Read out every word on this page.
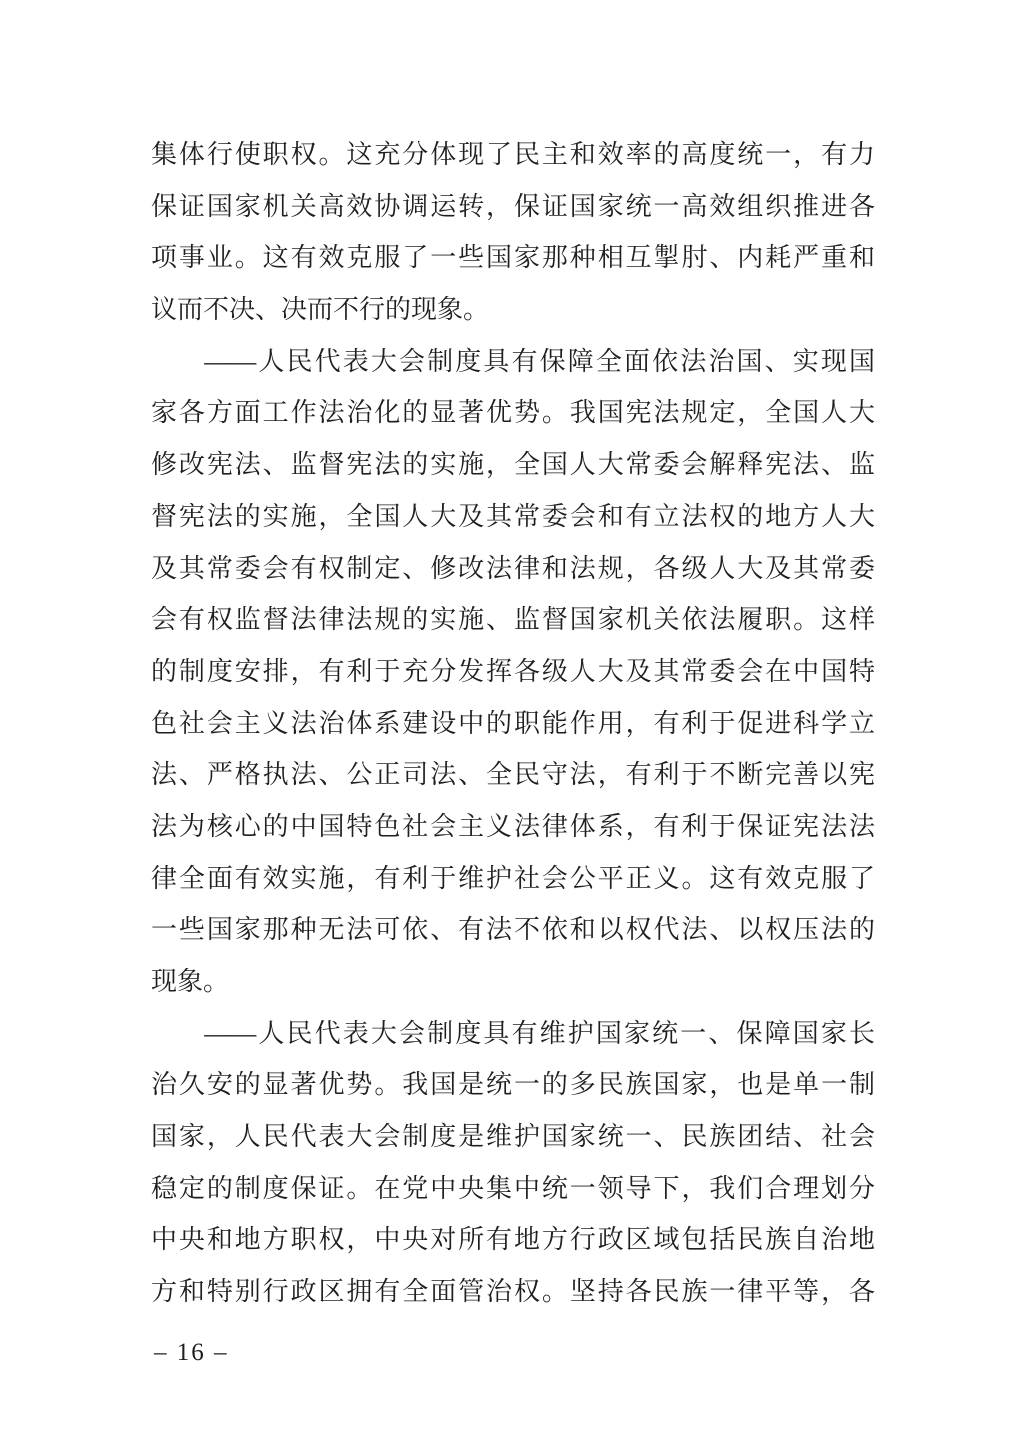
集体行使职权。这充分体现了民主和效率的高度统一，有力
保证国家机关高效协调运转，保证国家统一高效组织推进各
项事业。这有效克服了一些国家那种相互掣肘、内耗严重和
议而不决、决而不行的现象。
——人民代表大会制度具有保障全面依法治国、实现国
家各方面工作法治化的显著优势。我国宪法规定，全国人大
修改宪法、监督宪法的实施，全国人大常委会解释宪法、监
督宪法的实施，全国人大及其常委会和有立法权的地方人大
及其常委会有权制定、修改法律和法规，各级人大及其常委
会有权监督法律法规的实施、监督国家机关依法履职。这样
的制度安排，有利于充分发挥各级人大及其常委会在中国特
色社会主义法治体系建设中的职能作用，有利于促进科学立
法、严格执法、公正司法、全民守法，有利于不断完善以宪
法为核心的中国特色社会主义法律体系，有利于保证宪法法
律全面有效实施，有利于维护社会公平正义。这有效克服了
一些国家那种无法可依、有法不依和以权代法、以权压法的
现象。
——人民代表大会制度具有维护国家统一、保障国家长
治久安的显著优势。我国是统一的多民族国家，也是单一制
国家，人民代表大会制度是维护国家统一、民族团结、社会
稳定的制度保证。在党中央集中统一领导下，我们合理划分
中央和地方职权，中央对所有地方行政区域包括民族自治地
方和特别行政区拥有全面管治权。坚持各民族一律平等，各
– 16 –
